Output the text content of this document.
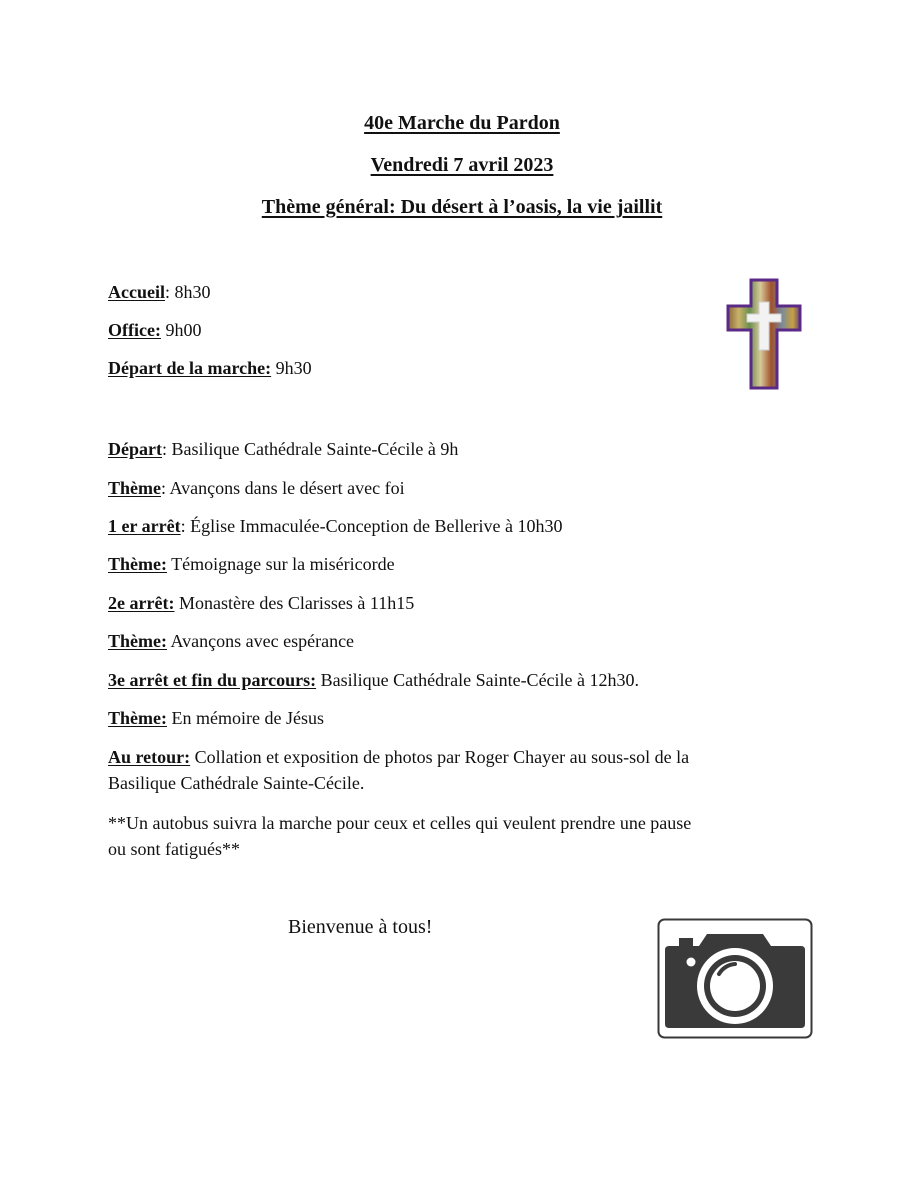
40e Marche du Pardon

Vendredi 7 avril 2023

Thème général: Du désert à l’oasis, la vie jaillit

Accueil: 8h30

Office: 9h00

Départ de la marche: 9h30

Départ: Basilique Cathédrale Sainte-Cécile à 9h

Thème: Avançons dans le désert avec foi

1 er arrêt: Église Immaculée-Conception de Bellerive à 10h30

Thème: Témoignage sur la miséricorde

2e arrêt: Monastère des Clarisses à 11h15

Thème: Avançons avec espérance

3e arrêt et fin du parcours: Basilique Cathédrale Sainte-Cécile à 12h30.

Thème: En mémoire de Jésus

Au retour: Collation et exposition de photos par Roger Chayer au sous-sol de la

Basilique Cathédrale Sainte-Cécile.

**Un autobus suivra la marche pour ceux et celles qui veulent prendre une pause

ou sont fatigués**

Bienvenue à tous!
